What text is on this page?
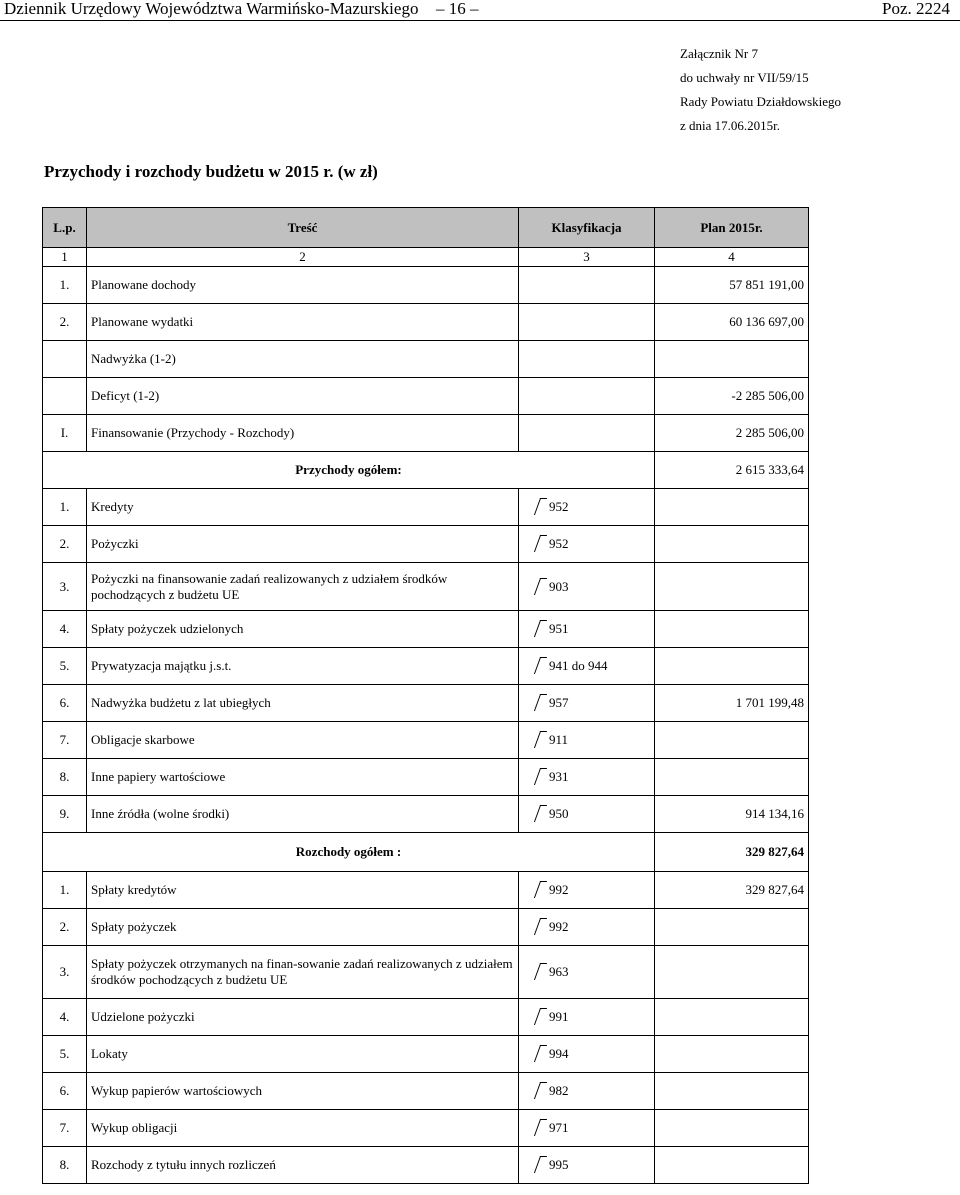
Dziennik Urzędowy Województwa Warmińsko-Mazurskiego – 16 –	Poz. 2224
Załącznik Nr 7
do uchwały nr VII/59/15
Rady Powiatu Działdowskiego
z dnia 17.06.2015r.
Przychody i rozchody budżetu w 2015 r. (w zł)
L.p.	Treść	Klasyfikacja	Plan 2015r.
1	2	3	4
1.	Planowane dochody		57 851 191,00
2.	Planowane wydatki		60 136 697,00
	Nadwyżka (1-2)		
	Deficyt (1-2)		-2 285 506,00
I.	Finansowanie (Przychody - Rozchody)		2 285 506,00
Przychody ogółem:			2 615 333,64
1.	Kredyty	952	
2.	Pożyczki	952	
3.	Pożyczki na finansowanie zadań realizowanych z udziałem środków pochodzących z budżetu UE	903	
4.	Spłaty pożyczek udzielonych	951	
5.	Prywatyzacja majątku j.s.t.	941 do 944	
6.	Nadwyżka budżetu z lat ubiegłych	957	1 701 199,48
7.	Obligacje skarbowe	911	
8.	Inne papiery wartościowe	931	
9.	Inne źródła (wolne środki)	950	914 134,16
Rozchody ogółem :			329 827,64
1.	Spłaty kredytów	992	329 827,64
2.	Spłaty pożyczek	992	
3.	Spłaty pożyczek otrzymanych na finan-sowanie zadań realizowanych z udziałem środków pochodzących z budżetu UE	963	
4.	Udzielone pożyczki	991	
5.	Lokaty	994	
6.	Wykup papierów wartościowych	982	
7.	Wykup obligacji	971	
8.	Rozchody z tytułu innych rozliczeń	995	
